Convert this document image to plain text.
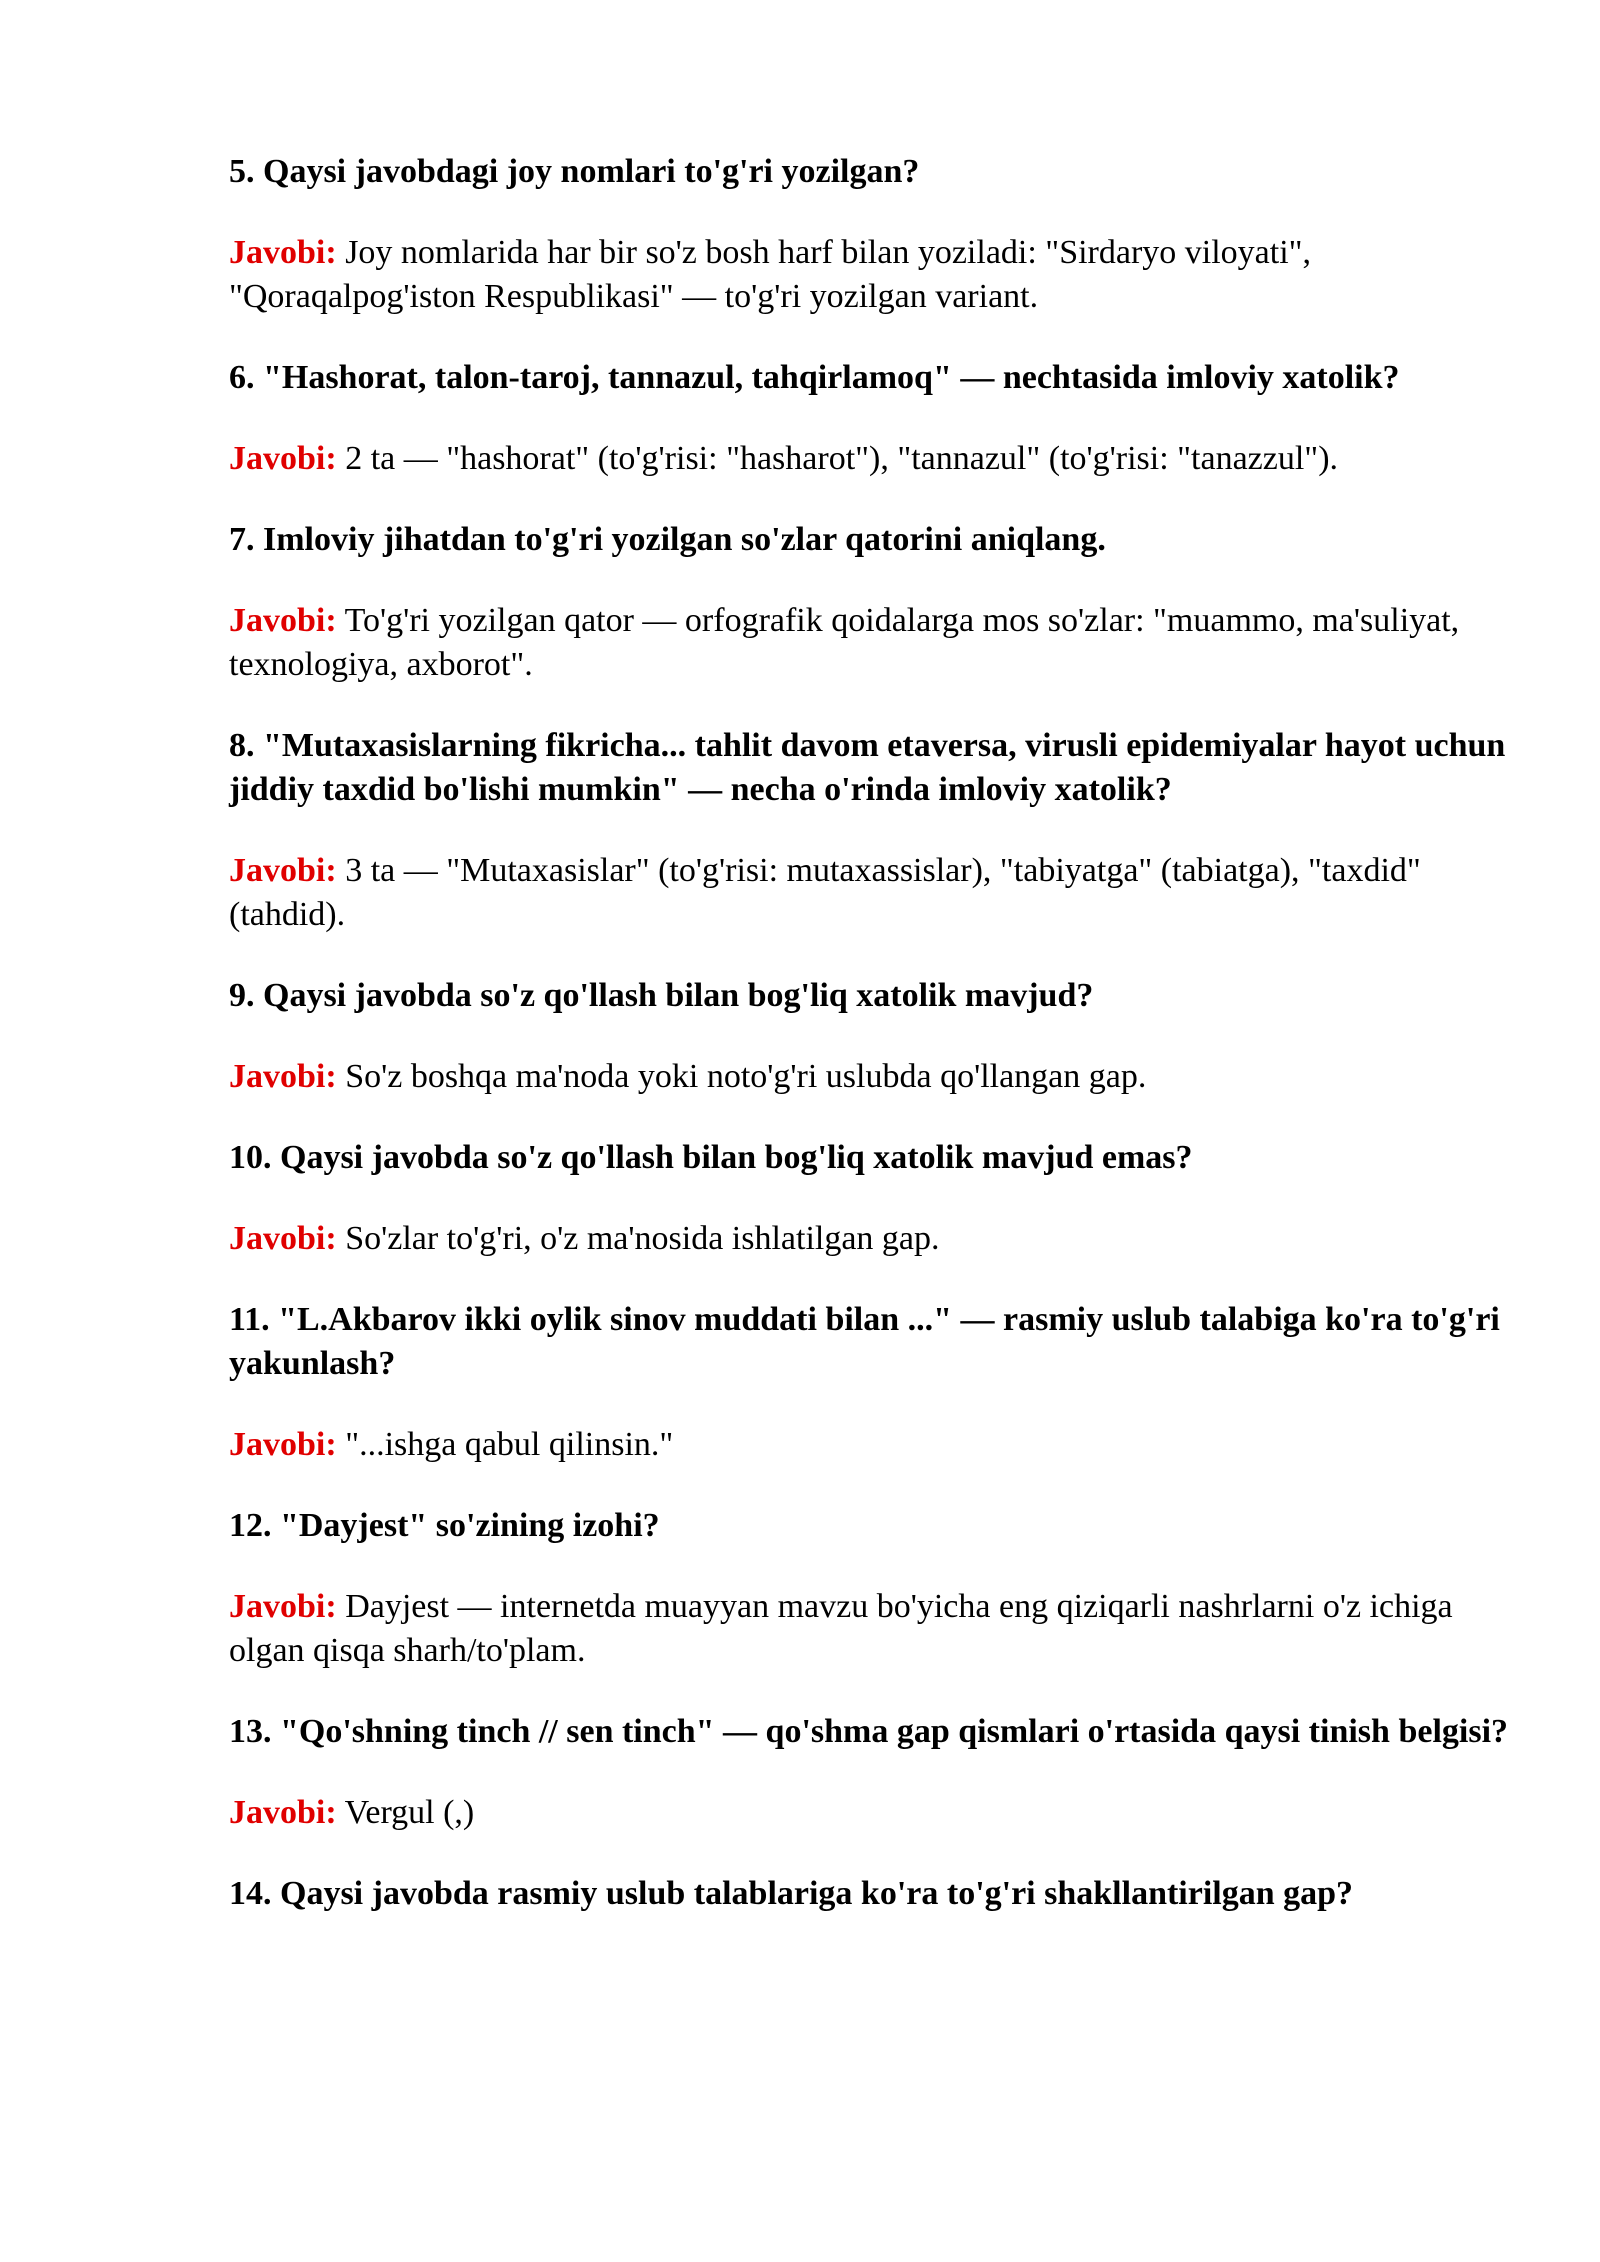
5. Qaysi javobdagi joy nomlari to'g'ri yozilgan?

Javobi: Joy nomlarida har bir so'z bosh harf bilan yoziladi: "Sirdaryo viloyati", "Qoraqalpog'iston Respublikasi" — to'g'ri yozilgan variant.

6. "Hashorat, talon-taroj, tannazul, tahqirlamoq" — nechtasida imloviy xatolik?

Javobi: 2 ta — "hashorat" (to'g'risi: "hasharot"), "tannazul" (to'g'risi: "tanazzul").

7. Imloviy jihatdan to'g'ri yozilgan so'zlar qatorini aniqlang.

Javobi: To'g'ri yozilgan qator — orfografik qoidalarga mos so'zlar: "muammo, ma'suliyat, texnologiya, axborot".

8. "Mutaxasislarning fikricha... tahlit davom etaversa, virusli epidemiyalar hayot uchun jiddiy taxdid bo'lishi mumkin" — necha o'rinda imloviy xatolik?

Javobi: 3 ta — "Mutaxasislar" (to'g'risi: mutaxassislar), "tabiyatga" (tabiatga), "taxdid" (tahdid).

9. Qaysi javobda so'z qo'llash bilan bog'liq xatolik mavjud?

Javobi: So'z boshqa ma'noda yoki noto'g'ri uslubda qo'llangan gap.

10. Qaysi javobda so'z qo'llash bilan bog'liq xatolik mavjud emas?

Javobi: So'zlar to'g'ri, o'z ma'nosida ishlatilgan gap.

11. "L.Akbarov ikki oylik sinov muddati bilan ..." — rasmiy uslub talabiga ko'ra to'g'ri yakunlash?

Javobi: "...ishga qabul qilinsin."

12. "Dayjest" so'zining izohi?

Javobi: Dayjest — internetda muayyan mavzu bo'yicha eng qiziqarli nashrlarni o'z ichiga olgan qisqa sharh/to'plam.

13. "Qo'shning tinch // sen tinch" — qo'shma gap qismlari o'rtasida qaysi tinish belgisi?

Javobi: Vergul (,)

14. Qaysi javobda rasmiy uslub talablariga ko'ra to'g'ri shakllantirilgan gap?
